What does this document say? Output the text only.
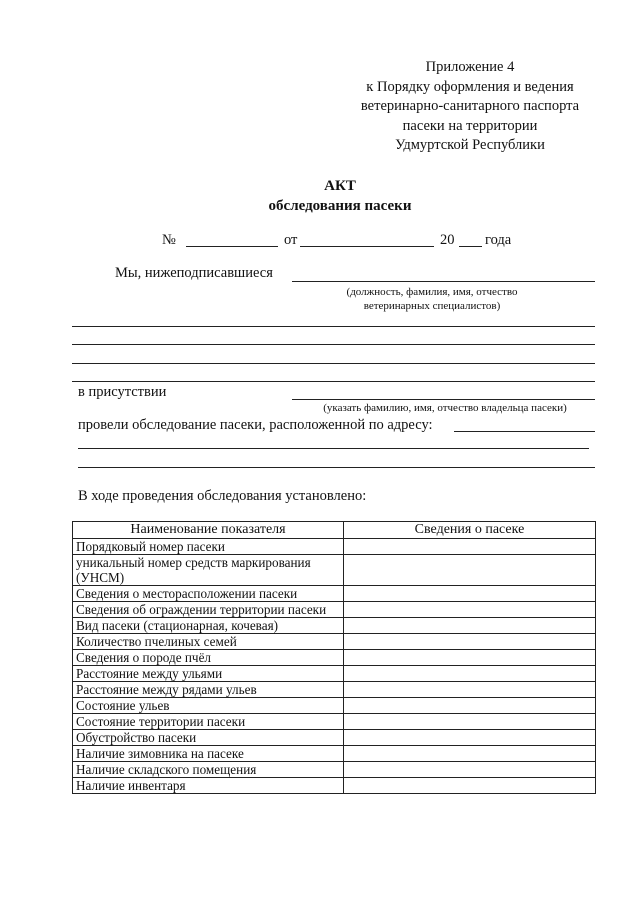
Приложение 4
к Порядку оформления и ведения
ветеринарно-санитарного паспорта
пасеки на территории
Удмуртской Республики
АКТ
обследования пасеки
№	от	20 года
Мы, нижеподписавшиеся
(должность, фамилия, имя, отчество
ветеринарных специалистов)
в присутствии
(указать фамилию, имя, отчество владельца пасеки)
провели обследование пасеки, расположенной по адресу:
В ходе проведения обследования установлено:
Наименование показателя	Сведения о пасеке
Порядковый номер пасеки	
уникальный номер средств маркирования (УНСМ)	
Сведения о месторасположении пасеки	
Сведения об ограждении территории пасеки	
Вид пасеки (стационарная, кочевая)	
Количество пчелиных семей	
Сведения о породе пчёл	
Расстояние между ульями	
Расстояние между рядами ульев	
Состояние ульев	
Состояние территории пасеки	
Обустройство пасеки	
Наличие зимовника на пасеке	
Наличие складского помещения	
Наличие инвентаря	
